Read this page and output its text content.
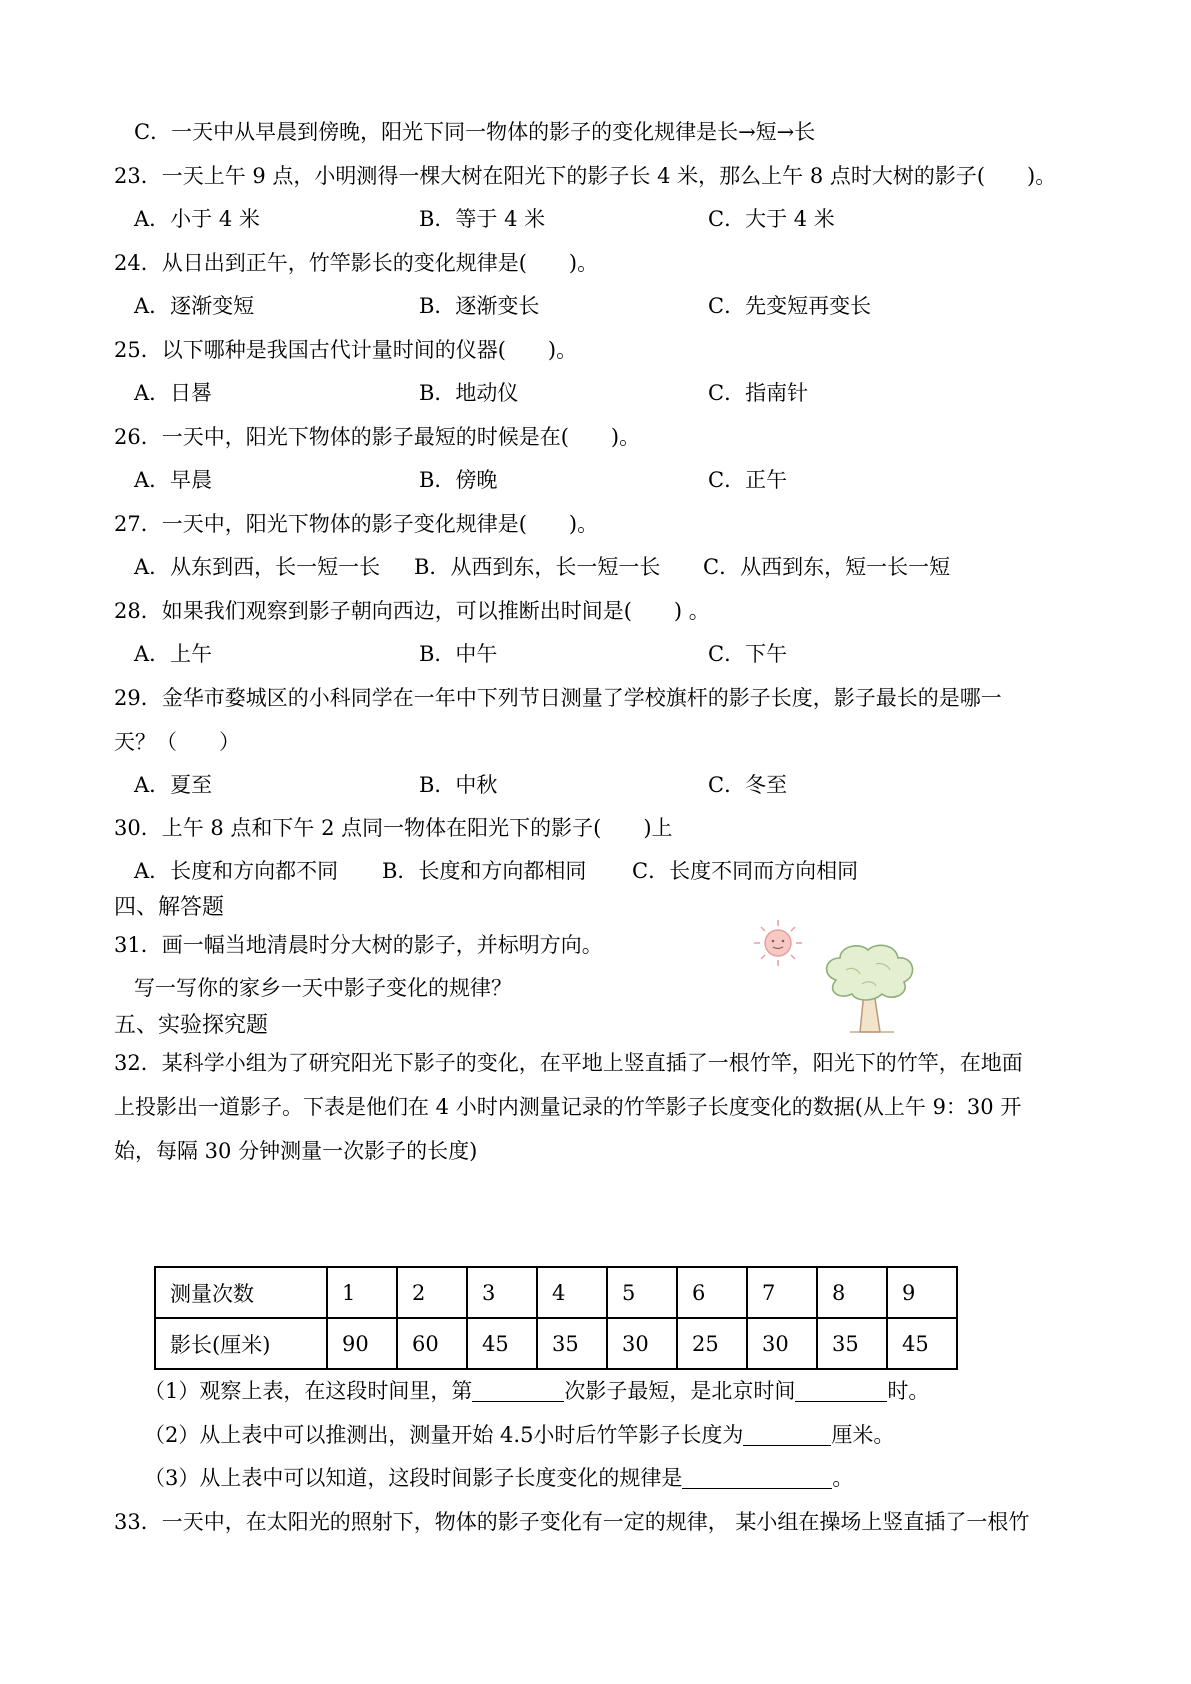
C．一天中从早晨到傍晚，阳光下同一物体的影子的变化规律是长→短→长
23．一天上午 9 点，小明测得一棵大树在阳光下的影子长 4 米，那么上午 8 点时大树的影子(　　)。
A．小于 4 米	B．等于 4 米	C．大于 4 米
24．从日出到正午，竹竿影长的变化规律是(　　)。
A．逐渐变短	B．逐渐变长	C．先变短再变长
25．以下哪种是我国古代计量时间的仪器(　　)。
A．日晷	B．地动仪	C．指南针
26．一天中，阳光下物体的影子最短的时候是在(　　)。
A．早晨	B．傍晚	C．正午
27．一天中，阳光下物体的影子变化规律是(　　)。
A．从东到西，长一短一长 B．从西到东，长一短一长 C．从西到东，短一长一短
28．如果我们观察到影子朝向西边，可以推断出时间是(　　) 。
A．上午	B．中午	C．下午
29．金华市婺城区的小科同学在一年中下列节日测量了学校旗杆的影子长度，影子最长的是哪一
天？（　　）
A．夏至	B．中秋	C．冬至
30．上午 8 点和下午 2 点同一物体在阳光下的影子(　　)上
A．长度和方向都不同 B．长度和方向都相同 C．长度不同而方向相同
四、解答题
31．画一幅当地清晨时分大树的影子，并标明方向。
写一写你的家乡一天中影子变化的规律？
五、实验探究题
32．某科学小组为了研究阳光下影子的变化，在平地上竖直插了一根竹竿，阳光下的竹竿，在地面
上投影出一道影子。下表是他们在 4 小时内测量记录的竹竿影子长度变化的数据(从上午 9：30 开
始，每隔 30 分钟测量一次影子的长度)
测量次数	1	2	3	4	5	6	7	8	9
影长(厘米)	90	60	45	35	30	25	30	35	45
（1）观察上表，在这段时间里，第	次影子最短，是北京时间	时。
（2）从上表中可以推测出，测量开始 4.5小时后竹竿影子长度为	厘米。
（3）从上表中可以知道，这段时间影子长度变化的规律是	。
33．一天中，在太阳光的照射下，物体的影子变化有一定的规律， 某小组在操场上竖直插了一根竹
